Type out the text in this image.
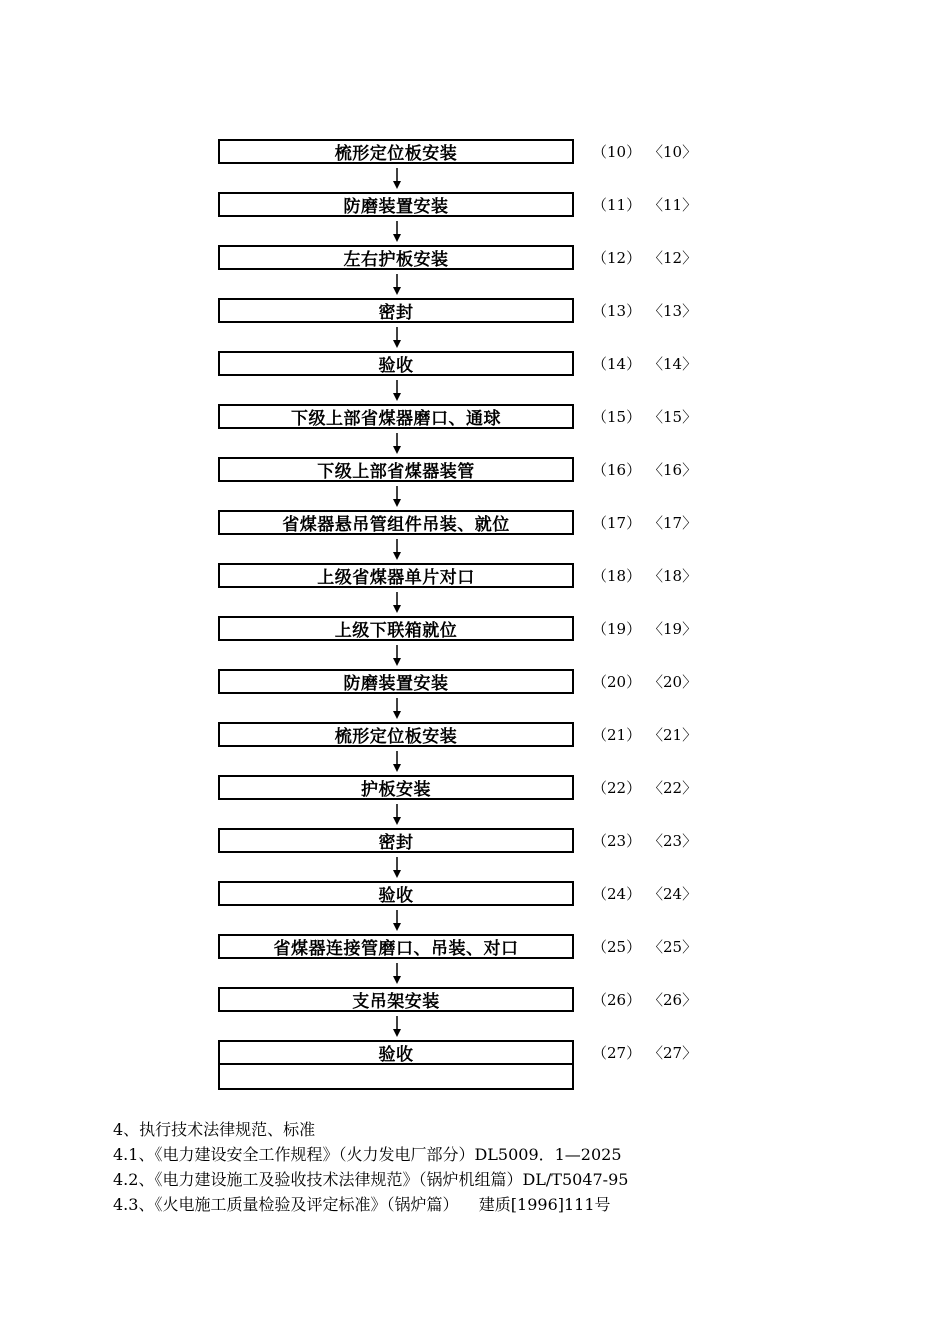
梳形定位板安装	（10） 〈10〉
防磨装置安装	（11） 〈11〉
左右护板安装	（12） 〈12〉
密封	（13） 〈13〉
验收	（14） 〈14〉
下级上部省煤器磨口、通球	（15） 〈15〉
下级上部省煤器装管	（16） 〈16〉
省煤器悬吊管组件吊装、就位	（17） 〈17〉
上级省煤器单片对口	（18） 〈18〉
上级下联箱就位	（19） 〈19〉
防磨装置安装	（20） 〈20〉
梳形定位板安装	（21） 〈21〉
护板安装	（22） 〈22〉
密封	（23） 〈23〉
验收	（24） 〈24〉
省煤器连接管磨口、吊装、对口	（25） 〈25〉
支吊架安装	（26） 〈26〉
验收	（27） 〈27〉
4、执行技术法律规范、标准
4.1、《电力建设安全工作规程》（火力发电厂部分）DL5009．1—2025
4.2、《电力建设施工及验收技术法律规范》（锅炉机组篇）DL/T5047-95
4.3、《火电施工质量检验及评定标准》（锅炉篇）    建质[1996]111号
